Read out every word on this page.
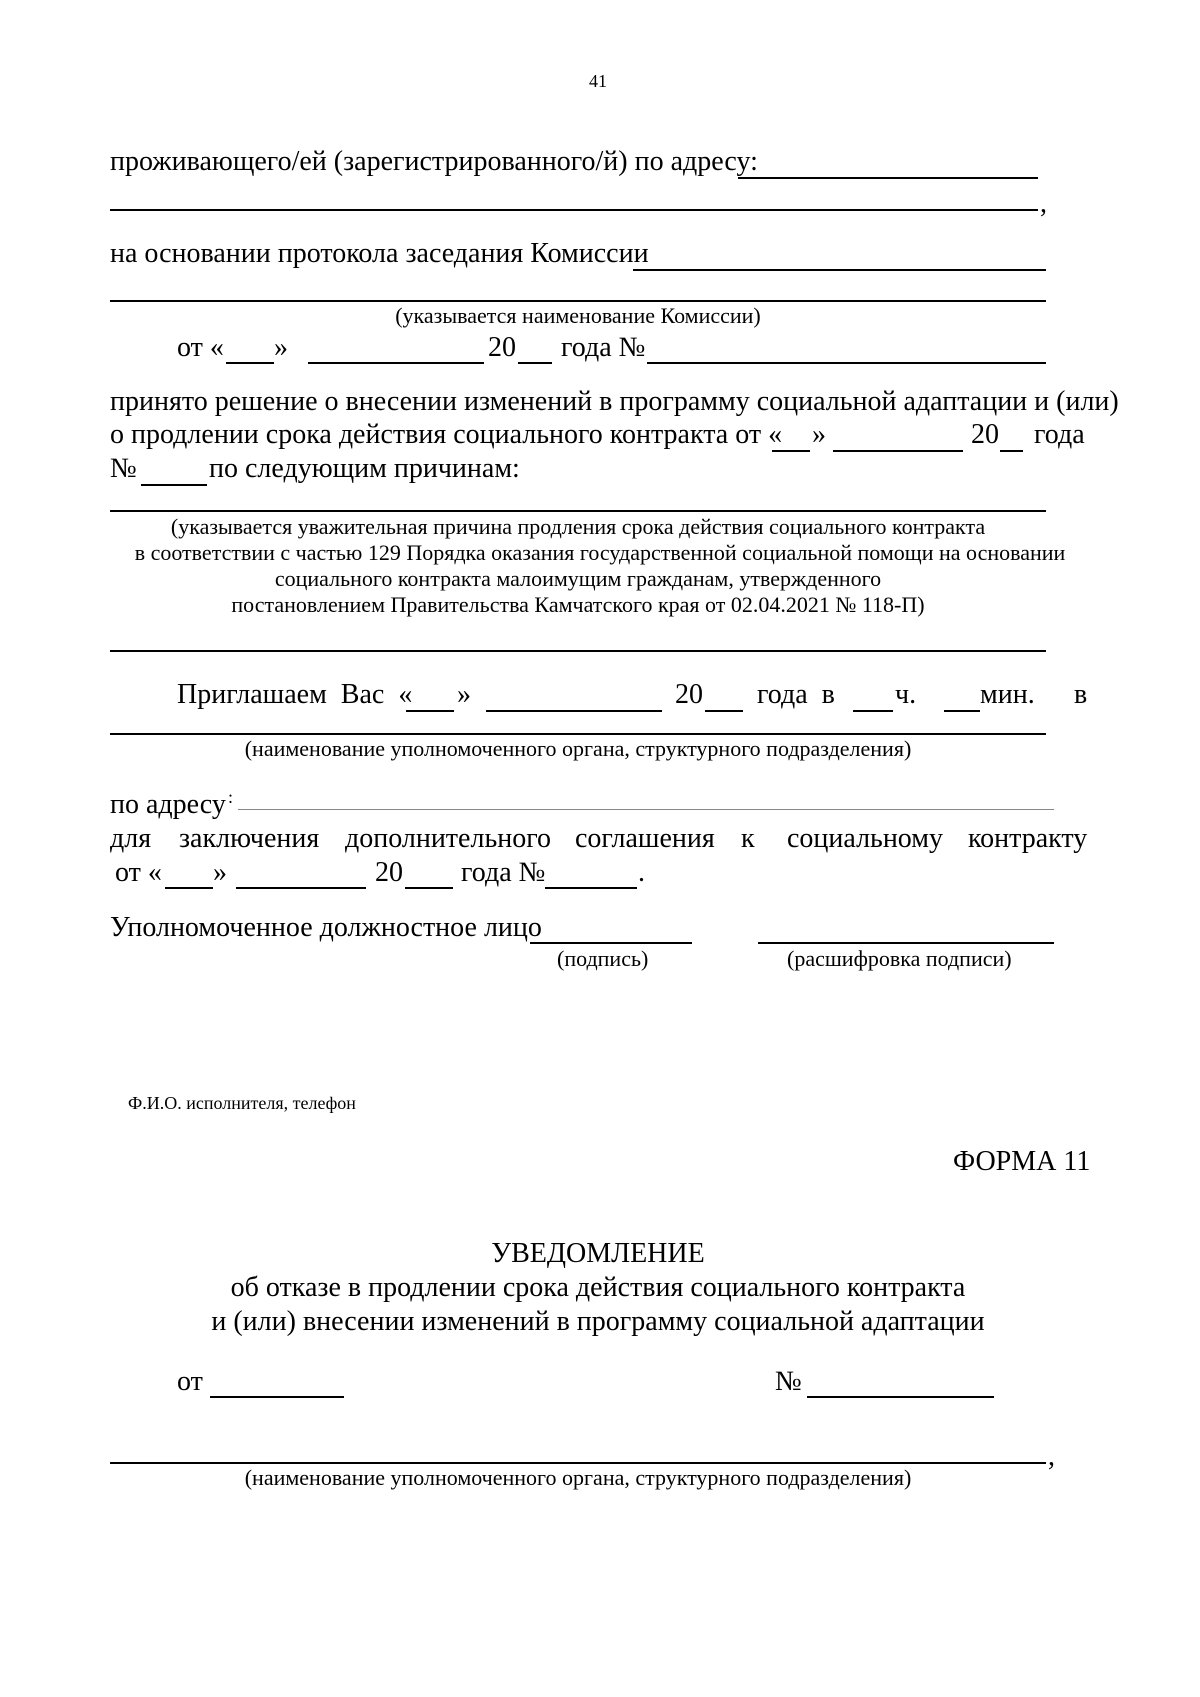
41
проживающего/ей (зарегистрированного/й) по адресу:
,
на основании протокола заседания Комиссии
(указывается наименование Комиссии)
от « »	20 года №
принято решение о внесении изменений в программу социальной адаптации и (или)
о продлении срока действия социального контракта от « »	20 года
№	по следующим причинам:
(указывается уважительная причина продления срока действия социального контракта
в соответствии с частью 129 Порядка оказания государственной социальной помощи на основании
социального контракта малоимущим гражданам, утвержденного
постановлением Правительства Камчатского края от 02.04.2021 № 118-П)
Приглашаем  Вас  « »	20 года  в ч. мин. в
(наименование уполномоченного органа, структурного подразделения)
по адресу :
для заключения дополнительного соглашения к социальному контракту
от « »	20 года №	.
Уполномоченное должностное лицо
(подпись)	(расшифровка подписи)
Ф.И.О. исполнителя, телефон
ФОРМА 11
УВЕДОМЛЕНИЕ
об отказе в продлении срока действия социального контракта
и (или) внесении изменений в программу социальной адаптации
от	№
,
(наименование уполномоченного органа, структурного подразделения)
